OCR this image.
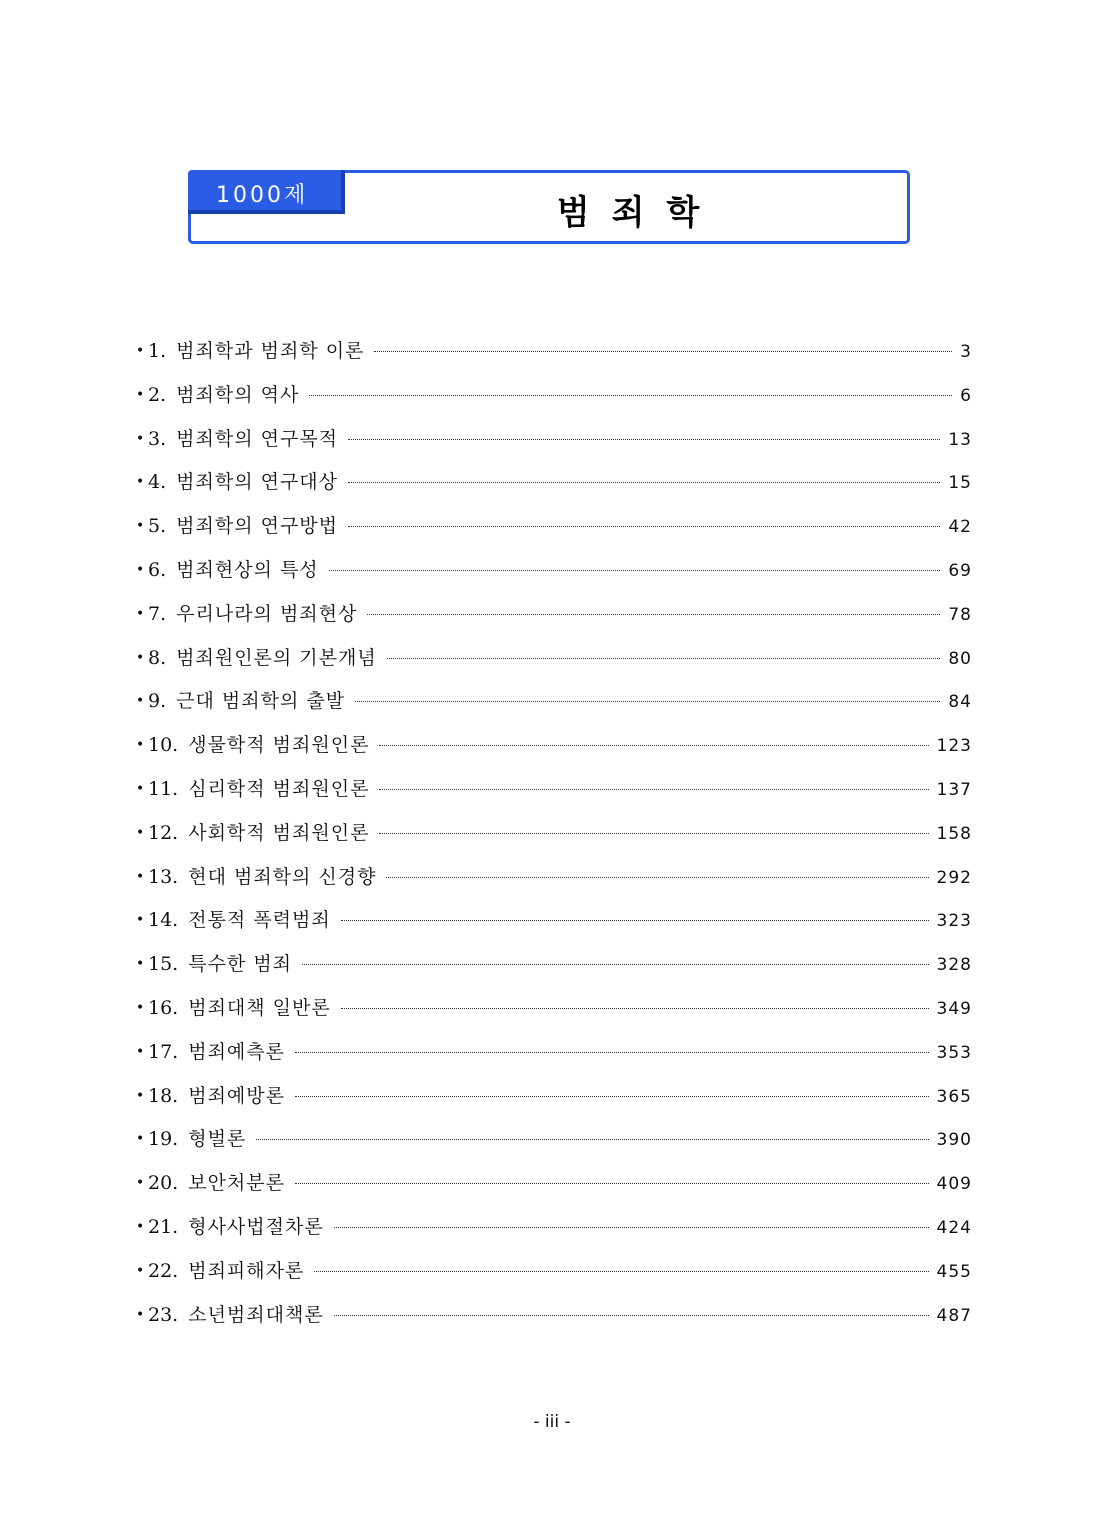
1000제	범죄학
• 1. 범죄학과 범죄학 이론	3
• 2. 범죄학의 역사	6
• 3. 범죄학의 연구목적	13
• 4. 범죄학의 연구대상	15
• 5. 범죄학의 연구방법	42
• 6. 범죄현상의 특성	69
• 7. 우리나라의 범죄현상	78
• 8. 범죄원인론의 기본개념	80
• 9. 근대 범죄학의 출발	84
• 10. 생물학적 범죄원인론	123
• 11. 심리학적 범죄원인론	137
• 12. 사회학적 범죄원인론	158
• 13. 현대 범죄학의 신경향	292
• 14. 전통적 폭력범죄	323
• 15. 특수한 범죄	328
• 16. 범죄대책 일반론	349
• 17. 범죄예측론	353
• 18. 범죄예방론	365
• 19. 형벌론	390
• 20. 보안처분론	409
• 21. 형사사법절차론	424
• 22. 범죄피해자론	455
• 23. 소년범죄대책론	487
- iii -
